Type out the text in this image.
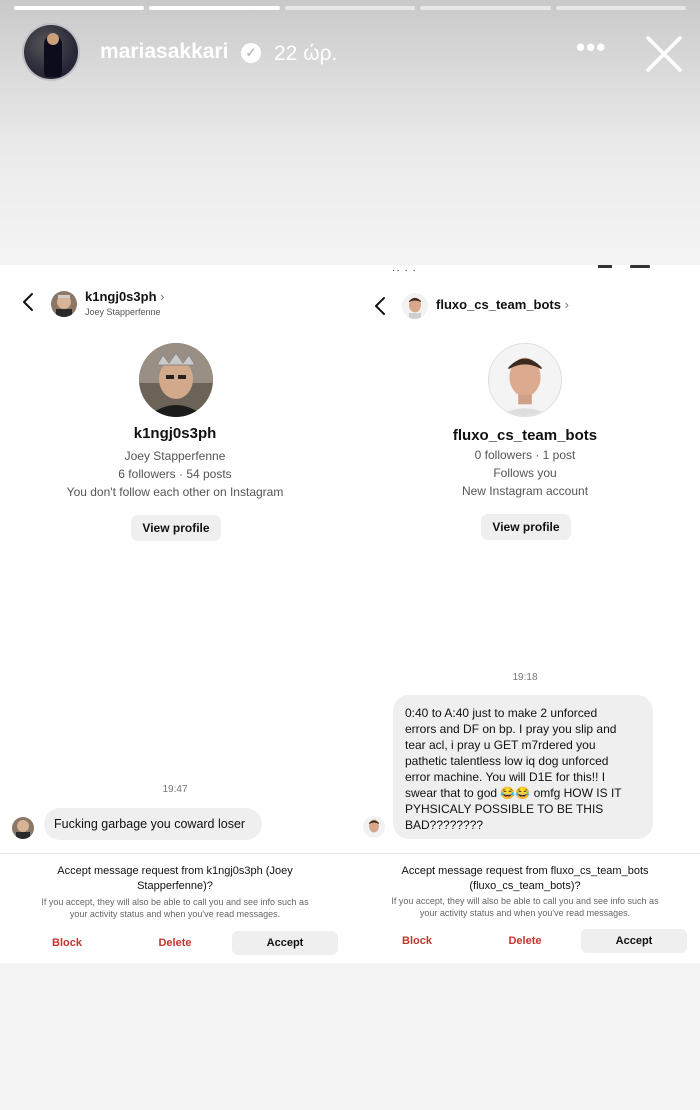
mariasakkari	✓ 22 ώρ.	•••
k1ngj0s3ph ›
Joey Stapperfenne
k1ngj0s3ph
Joey Stapperfenne
6 followers · 54 posts
You don't follow each other on Instagram
View profile
19:47
Fucking garbage you coward loser
Accept message request from k1ngj0s3ph (Joey
Stapperfenne)?
If you accept, they will also be able to call you and see info such as
your activity status and when you've read messages.
Block	Delete	Accept
·· · ·
fluxo_cs_team_bots ›
fluxo_cs_team_bots
0 followers · 1 post
Follows you
New Instagram account
View profile
19:18
0:40 to A:40 just to make 2 unforced
errors and DF on bp. I pray you slip and
tear acl, i pray u GET m7rdered you
pathetic talentless low iq dog unforced
error machine. You will D1E for this!! I
swear that to god 😂😂 omfg HOW IS IT
PYHSICALY POSSIBLE TO BE THIS
BAD????????
Accept message request from fluxo_cs_team_bots
(fluxo_cs_team_bots)?
If you accept, they will also be able to call you and see info such as
your activity status and when you've read messages.
Block	Delete	Accept
